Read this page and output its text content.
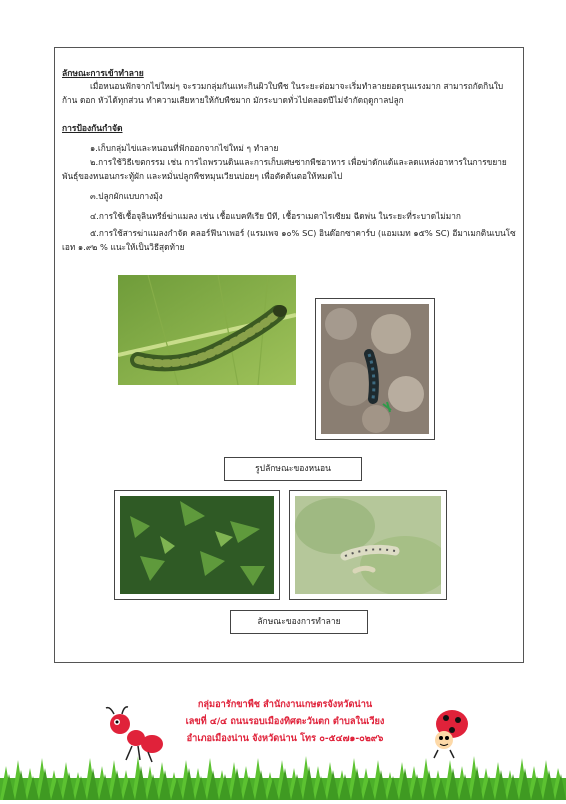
ลักษณะการเข้าทำลาย
เมื่อหนอนฟักจากไข่ใหม่ๆ จะรวมกลุ่มกันแทะกินผิวใบพืช ในระยะต่อมาจะเริ่มทำลายยอดรุนแรงมาก สามารถกัดกินใบ ก้าน ดอก หัวได้ทุกส่วน ทำความเสียหายให้กับพืชมาก มักระบาดทั่วไปตลอดปีไม่จำกัดฤดูกาลปลูก
การป้องกันกำจัด
๑.เก็บกลุ่มไข่และหนอนที่ฟักออกจากไข่ใหม่ ๆ ทำลาย
๒.การใช้วิธีเขตกรรม เช่น การไถพรวนดินและการเก็บเศษซากพืชอาหาร เพื่อฆ่าดักแด้และลดแหล่งอาหารในการขยายพันธุ์ของหนอนกระทู้ผัก และหมั่นปลูกพืชหมุนเวียนบ่อยๆ เพื่อตัดต้นตอให้หมดไป
๓.ปลูกผักแบบกางมุ้ง
๔.การใช้เชื้อจุลินทรีย์ฆ่าแมลง เช่น เชื้อแบคทีเรีย บีที, เชื้อราเมตาไรเซียม ฉีดพ่น ในระยะที่ระบาดไม่มาก
๕.การใช้สารฆ่าแมลงกำจัด คลอร์ฟีนาเพอร์ (แรมเพจ ๑๐% SC) อินด๊อกซาคาร์บ (แอมเมท ๑๕% SC) อีมาเมกตินเบนโซเอท ๑.๙๒ % แนะให้เป็นวิธีสุดท้าย
รูปลักษณะของหนอน
ลักษณะของการทำลาย
กลุ่มอารักขาพืช สำนักงานเกษตรจังหวัดน่าน
เลขที่ ๔/๔ ถนนรอบเมืองทิศตะวันตก ตำบลในเวียง
อำเภอเมืองน่าน จังหวัดน่าน โทร ๐-๕๔๗๑-๐๒๙๖
